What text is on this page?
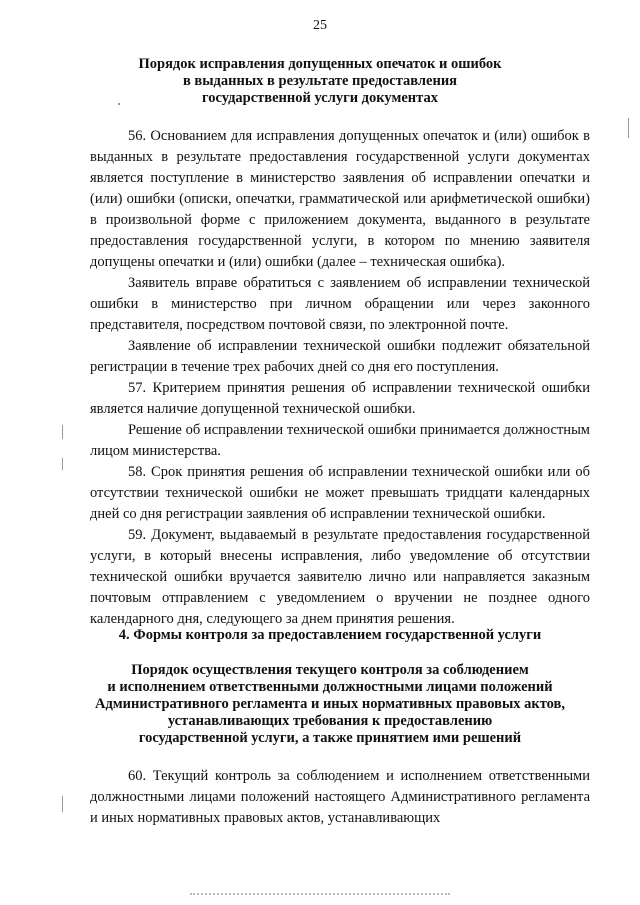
25
Порядок исправления допущенных опечаток и ошибок
в выданных в результате предоставления
государственной услуги документах

56. Основанием для исправления допущенных опечаток и (или) ошибок в выданных в результате предоставления государственной услуги документах является поступление в министерство заявления об исправлении опечатки и (или) ошибки (описки, опечатки, грамматической или арифметической ошибки) в произвольной форме с приложением документа, выданного в результате предоставления государственной услуги, в котором по мнению заявителя допущены опечатки и (или) ошибки (далее – техническая ошибка).

Заявитель вправе обратиться с заявлением об исправлении технической ошибки в министерство при личном обращении или через законного представителя, посредством почтовой связи, по электронной почте.

Заявление об исправлении технической ошибки подлежит обязательной регистрации в течение трех рабочих дней со дня его поступления.

57. Критерием принятия решения об исправлении технической ошибки является наличие допущенной технической ошибки.

Решение об исправлении технической ошибки принимается должностным лицом министерства.

58. Срок принятия решения об исправлении технической ошибки или об отсутствии технической ошибки не может превышать тридцати календарных дней со дня регистрации заявления об исправлении технической ошибки.

59. Документ, выдаваемый в результате предоставления государственной услуги, в который внесены исправления, либо уведомление об отсутствии технической ошибки вручается заявителю лично или направляется заказным почтовым отправлением с уведомлением о вручении не позднее одного календарного дня, следующего за днем принятия решения.

4. Формы контроля за предоставлением государственной услуги
Порядок осуществления текущего контроля за соблюдением
и исполнением ответственными должностными лицами положений
Административного регламента и иных нормативных правовых актов,
устанавливающих требования к предоставлению
государственной услуги, а также принятием ими решений

60. Текущий контроль за соблюдением и исполнением ответственными должностными лицами положений настоящего Административного регламента и иных нормативных правовых актов, устанавливающих
